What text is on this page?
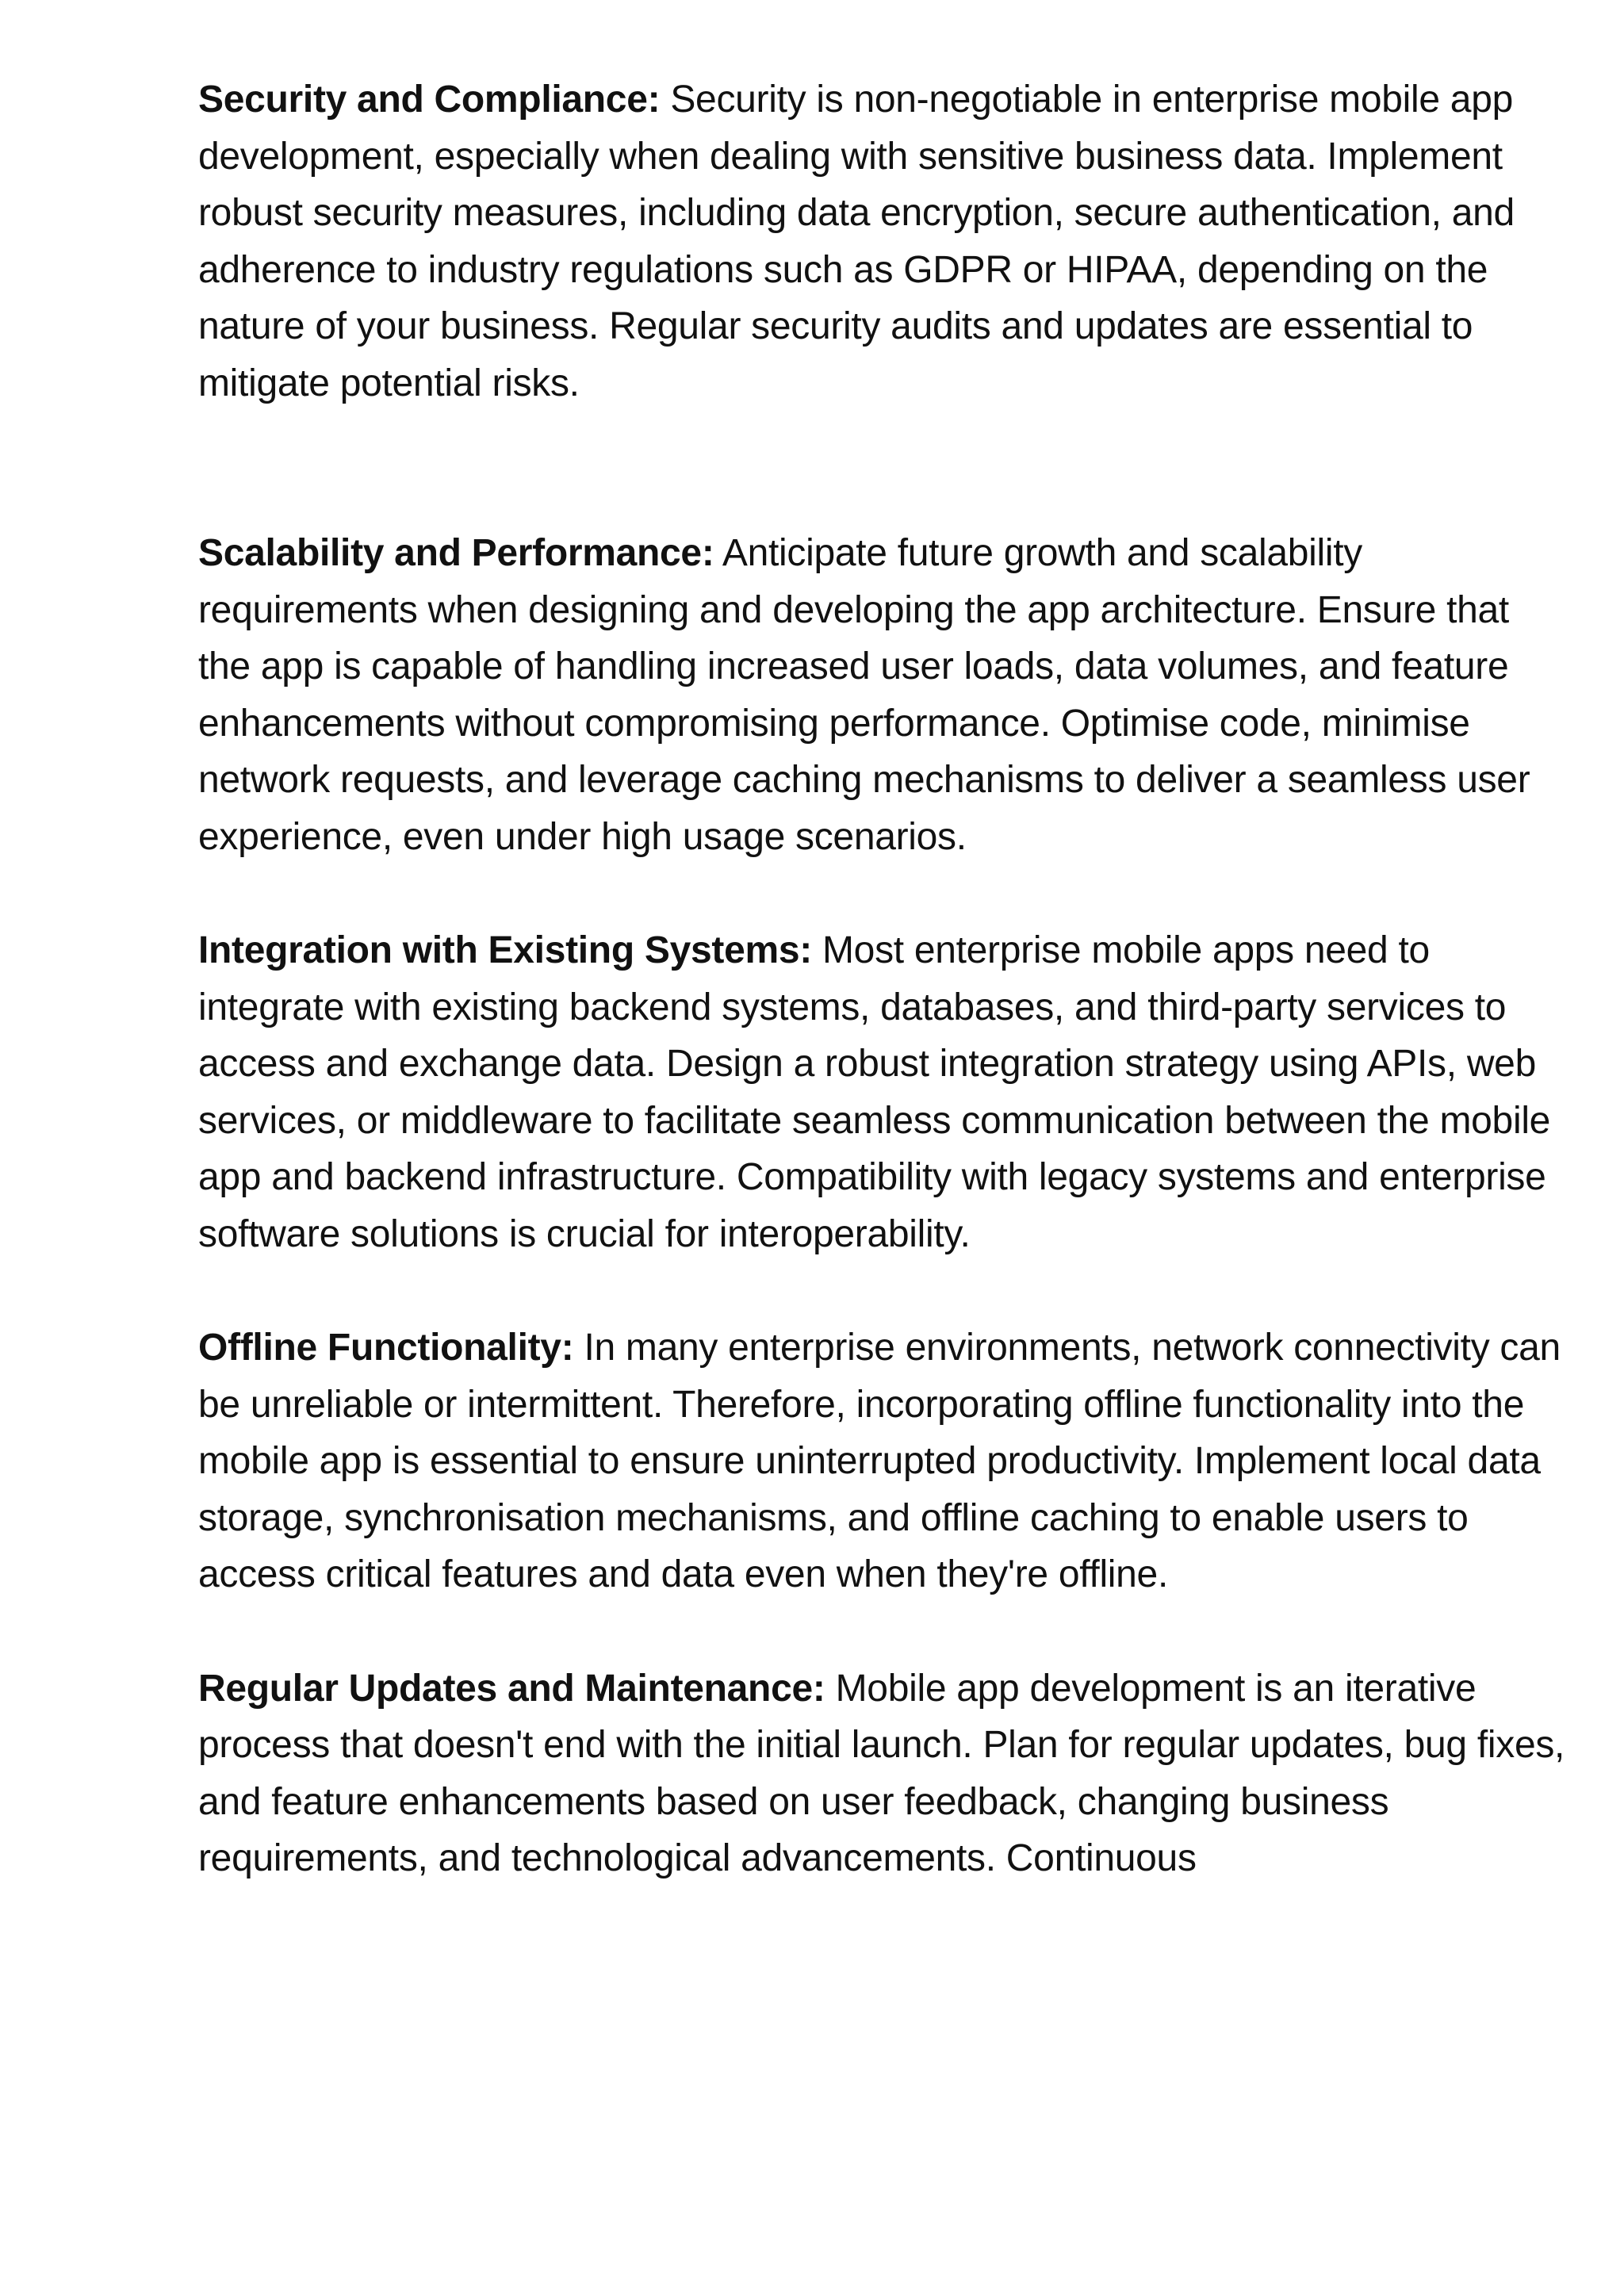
Security and Compliance: Security is non-negotiable in enterprise mobile app development, especially when dealing with sensitive business data. Implement robust security measures, including data encryption, secure authentication, and adherence to industry regulations such as GDPR or HIPAA, depending on the nature of your business. Regular security audits and updates are essential to mitigate potential risks.

Scalability and Performance: Anticipate future growth and scalability requirements when designing and developing the app architecture. Ensure that the app is capable of handling increased user loads, data volumes, and feature enhancements without compromising performance. Optimise code, minimise network requests, and leverage caching mechanisms to deliver a seamless user experience, even under high usage scenarios.

Integration with Existing Systems: Most enterprise mobile apps need to integrate with existing backend systems, databases, and third-party services to access and exchange data. Design a robust integration strategy using APIs, web services, or middleware to facilitate seamless communication between the mobile app and backend infrastructure. Compatibility with legacy systems and enterprise software solutions is crucial for interoperability.

Offline Functionality: In many enterprise environments, network connectivity can be unreliable or intermittent. Therefore, incorporating offline functionality into the mobile app is essential to ensure uninterrupted productivity. Implement local data storage, synchronisation mechanisms, and offline caching to enable users to access critical features and data even when they're offline.

Regular Updates and Maintenance: Mobile app development is an iterative process that doesn't end with the initial launch. Plan for regular updates, bug fixes, and feature enhancements based on user feedback, changing business requirements, and technological advancements. Continuous
